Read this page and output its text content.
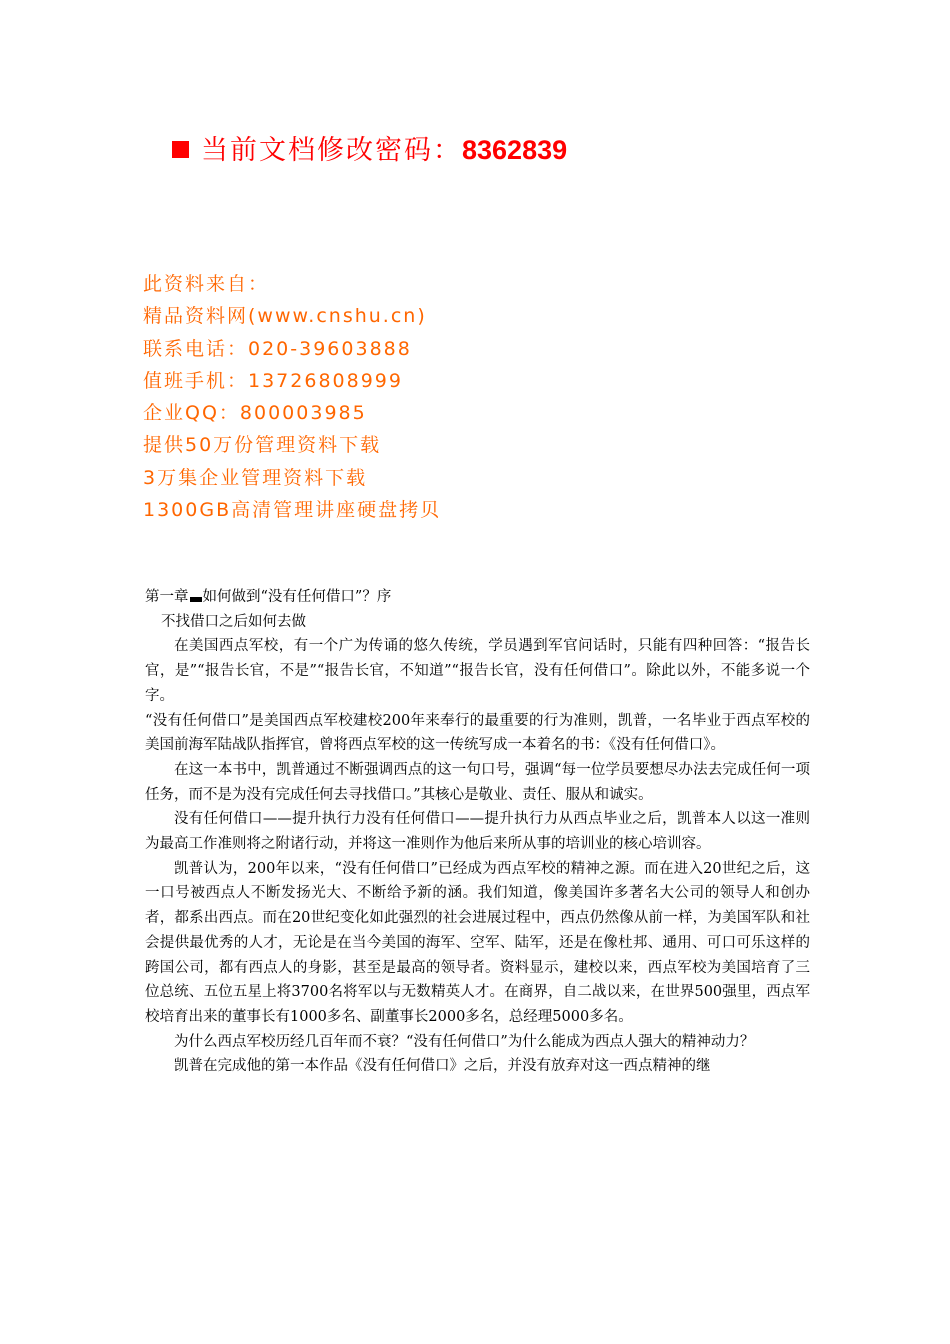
当前文档修改密码：8362839
此资料来自：
精品资料网(www.cnshu.cn)
联系电话：020-39603888
值班手机：13726808999
企业QQ：800003985
提供50万份管理资料下载
3万集企业管理资料下载
1300GB高清管理讲座硬盘拷贝

第一章 如何做到“没有任何借口”？序

不找借口之后如何去做

在美国西点军校，有一个广为传诵的悠久传统，学员遇到军官问话时，只能有四种回答：“报告长官，是”“报告长官，不是”“报告长官，不知道”“报告长官，没有任何借口”。除此以外，不能多说一个字。

“没有任何借口”是美国西点军校建校200年来奉行的最重要的行为准则，凯普，一名毕业于西点军校的美国前海军陆战队指挥官，曾将西点军校的这一传统写成一本着名的书：《没有任何借口》。

在这一本书中，凯普通过不断强调西点的这一句口号，强调“每一位学员要想尽办法去完成任何一项任务，而不是为没有完成任何去寻找借口。”其核心是敬业、责任、服从和诚实。

没有任何借口——提升执行力没有任何借口——提升执行力从西点毕业之后，凯普本人以这一准则为最高工作准则将之附诸行动，并将这一准则作为他后来所从事的培训业的核心培训容。

凯普认为，200年以来，“没有任何借口”已经成为西点军校的精神之源。而在进入20世纪之后，这一口号被西点人不断发扬光大、不断给予新的涵。我们知道，像美国许多著名大公司的领导人和创办者，都系出西点。而在20世纪变化如此强烈的社会进展过程中，西点仍然像从前一样，为美国军队和社会提供最优秀的人才，无论是在当今美国的海军、空军、陆军，还是在像杜邦、通用、可口可乐这样的跨国公司，都有西点人的身影，甚至是最高的领导者。资料显示，建校以来，西点军校为美国培育了三位总统、五位五星上将3700名将军以与无数精英人才。在商界，自二战以来，在世界500强里，西点军校培育出来的董事长有1000多名、副董事长2000多名，总经理5000多名。

为什么西点军校历经几百年而不衰？“没有任何借口”为什么能成为西点人强大的精神动力？

凯普在完成他的第一本作品《没有任何借口》之后，并没有放弃对这一西点精神的继
